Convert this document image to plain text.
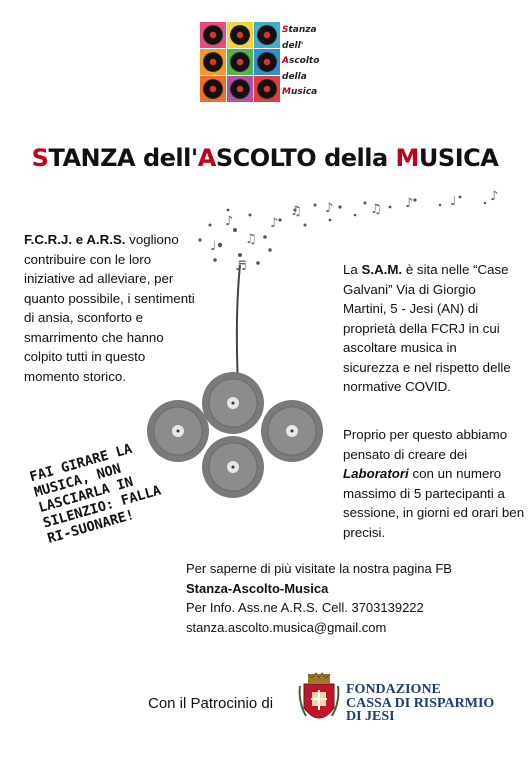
Stanza
dell'
Ascolto
della
Musica
STANZA dell'ASCOLTO della MUSICA
♪
♫
♩
♪
♫ ♪	♫ ♪	♩
♬
♪
F.C.R.J. e A.R.S. vogliono contribuire con le loro iniziative ad alleviare, per quanto possibile, i sentimenti di ansia, sconforto e smarrimento che hanno colpito tutti in questo momento storico.
La S.A.M. è sita nelle “Case Galvani” Via di Giorgio Martini, 5 - Jesi (AN) di proprietà della FCRJ in cui ascoltare musica in sicurezza e nel rispetto delle normative COVID.
Proprio per questo abbiamo pensato di creare dei Laboratori con un numero massimo di 5 partecipanti a sessione, in giorni ed orari ben precisi.
FAI GIRARE LA MUSICA, NON LASCIARLA IN SILENZIO: FALLA RI-SUONARE!
Per saperne di più visitate la nostra pagina FB
Stanza-Ascolto-Musica
Per Info. Ass.ne A.R.S. Cell. 3703139222
stanza.ascolto.musica@gmail.com
Con il Patrocinio di
FONDAZIONE
CASSA DI RISPARMIO
DI JESI
